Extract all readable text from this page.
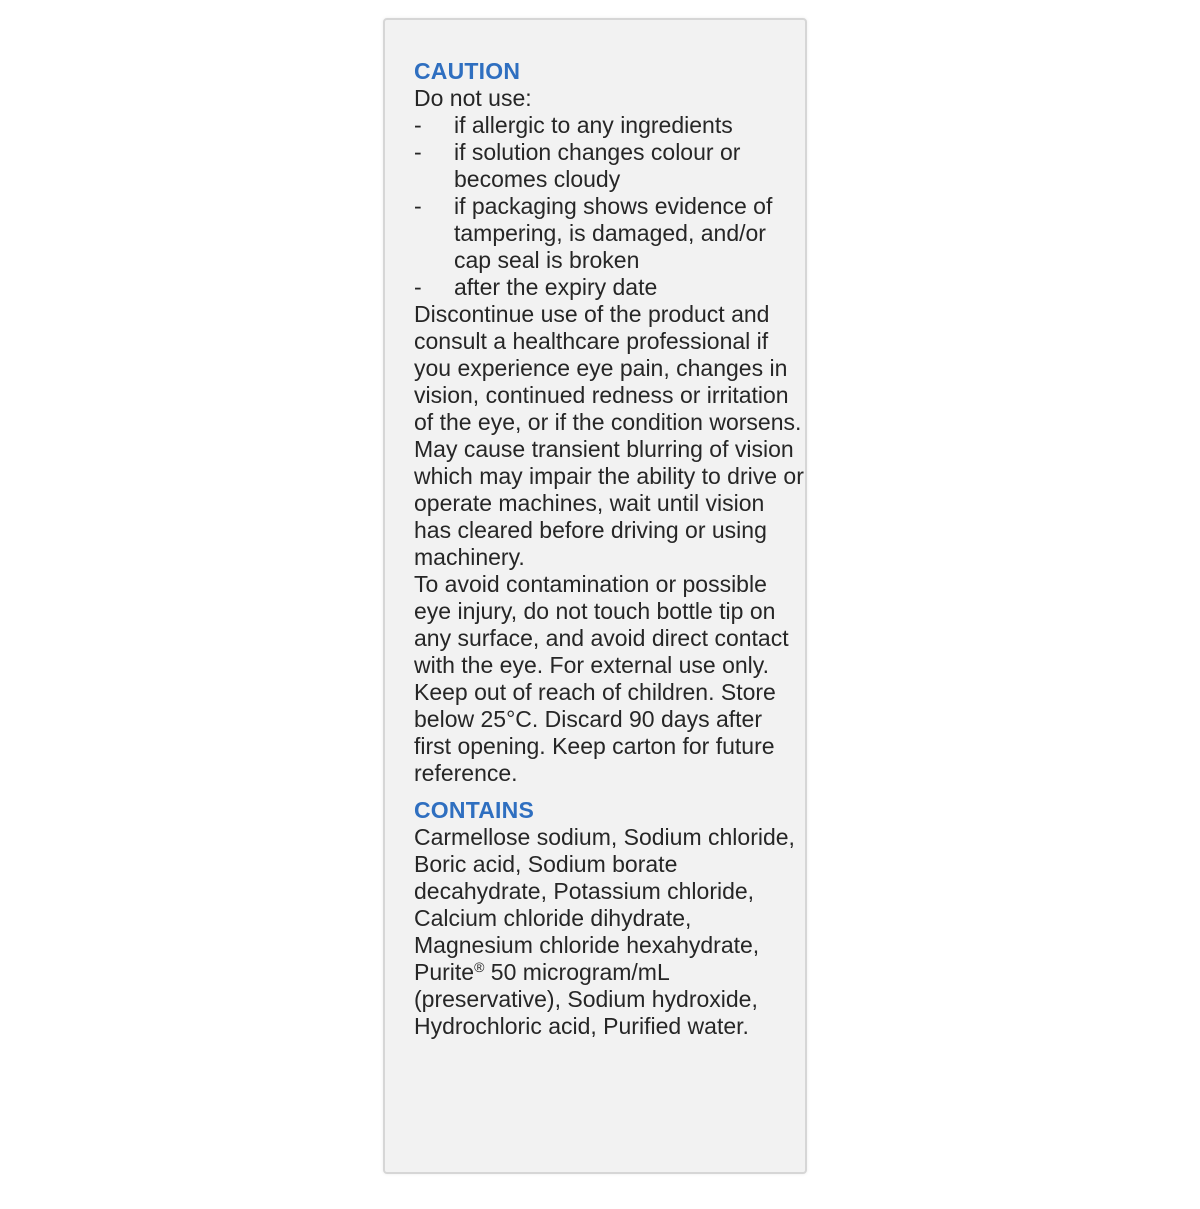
CAUTION
Do not use:
- if allergic to any ingredients
- if solution changes colour or becomes cloudy
- if packaging shows evidence of tampering, is damaged, and/or cap seal is broken
- after the expiry date
Discontinue use of the product and consult a healthcare professional if you experience eye pain, changes in vision, continued redness or irritation of the eye, or if the condition worsens.
May cause transient blurring of vision which may impair the ability to drive or operate machines, wait until vision has cleared before driving or using machinery.
To avoid contamination or possible eye injury, do not touch bottle tip on any surface, and avoid direct contact with the eye. For external use only. Keep out of reach of children. Store below 25°C. Discard 90 days after first opening. Keep carton for future reference.
CONTAINS
Carmellose sodium, Sodium chloride, Boric acid, Sodium borate decahydrate, Potassium chloride, Calcium chloride dihydrate, Magnesium chloride hexahydrate, Purite® 50 microgram/mL (preservative), Sodium hydroxide, Hydrochloric acid, Purified water.
